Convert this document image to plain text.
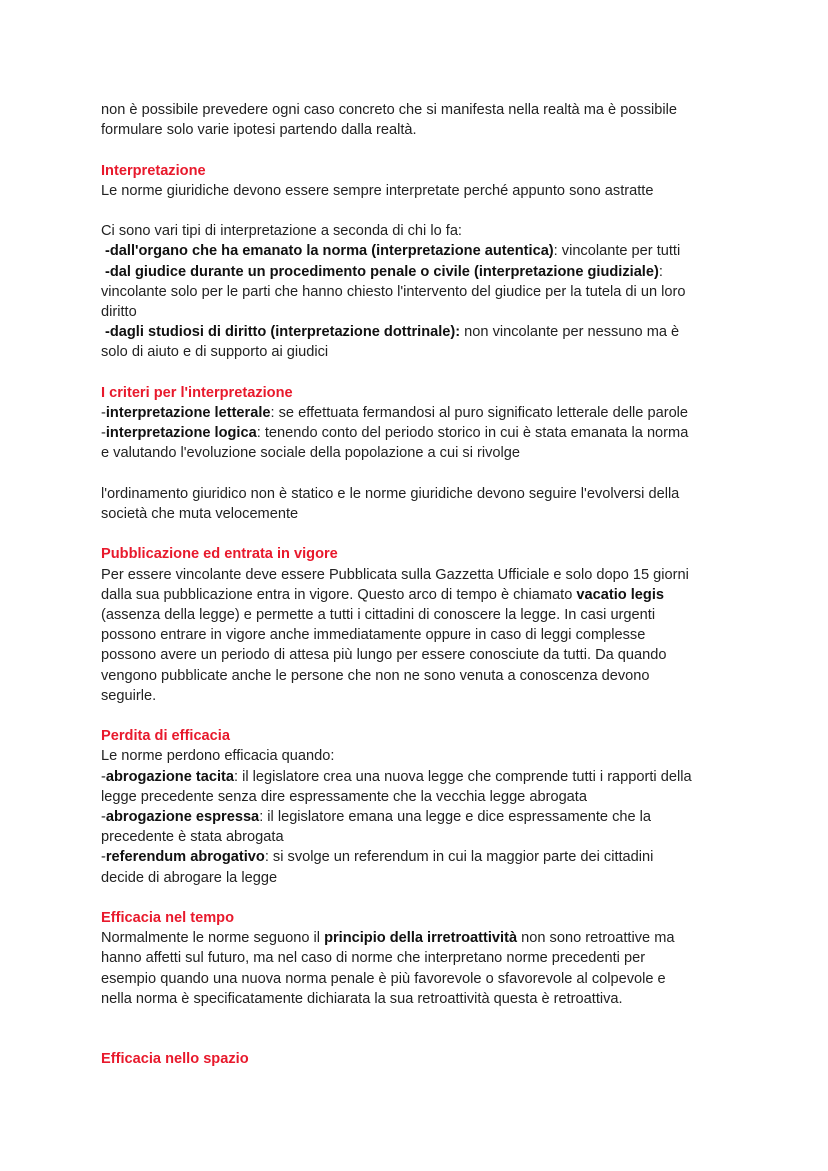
non è possibile prevedere ogni caso concreto che si manifesta nella realtà ma è possibile

formulare solo varie ipotesi partendo dalla realtà.

Interpretazione

Le norme giuridiche devono essere sempre interpretate perché appunto sono astratte

Ci sono vari tipi di interpretazione a seconda di chi lo fa:

-dall'organo che ha emanato la norma (interpretazione autentica): vincolante per tutti

-dal giudice durante un procedimento penale o civile (interpretazione giudiziale):

vincolante solo per le parti che hanno chiesto l'intervento del giudice per la tutela di un loro

diritto

-dagli studiosi di diritto (interpretazione dottrinale): non vincolante per nessuno ma è

solo di aiuto e di supporto ai giudici

I criteri per l'interpretazione

-interpretazione letterale: se effettuata fermandosi al puro significato letterale delle parole

-interpretazione logica: tenendo conto del periodo storico in cui è stata emanata la norma

e valutando l'evoluzione sociale della popolazione a cui si rivolge

l'ordinamento giuridico non è statico e le norme giuridiche devono seguire l'evolversi della

società che muta velocemente

Pubblicazione ed entrata in vigore

Per essere vincolante deve essere Pubblicata sulla Gazzetta Ufficiale e solo dopo 15 giorni

dalla sua pubblicazione entra in vigore. Questo arco di tempo è chiamato vacatio legis

(assenza della legge) e permette a tutti i cittadini di conoscere la legge. In casi urgenti

possono entrare in vigore anche immediatamente oppure in caso di leggi complesse

possono avere un periodo di attesa più lungo per essere conosciute da tutti. Da quando

vengono pubblicate anche le persone che non ne sono venuta a conoscenza devono

seguirle.

Perdita di efficacia

Le norme perdono efficacia quando:

-abrogazione tacita: il legislatore crea una nuova legge che comprende tutti i rapporti della

legge precedente senza dire espressamente che la vecchia legge abrogata

-abrogazione espressa: il legislatore emana una legge e dice espressamente che la

precedente è stata abrogata

-referendum abrogativo: si svolge un referendum in cui la maggior parte dei cittadini

decide di abrogare la legge

Efficacia nel tempo

Normalmente le norme seguono il principio della irretroattività non sono retroattive ma

hanno affetti sul futuro, ma nel caso di norme che interpretano norme precedenti per

esempio quando una nuova norma penale è più favorevole o sfavorevole al colpevole e

nella norma è specificatamente dichiarata la sua retroattività questa è retroattiva.

Efficacia nello spazio
